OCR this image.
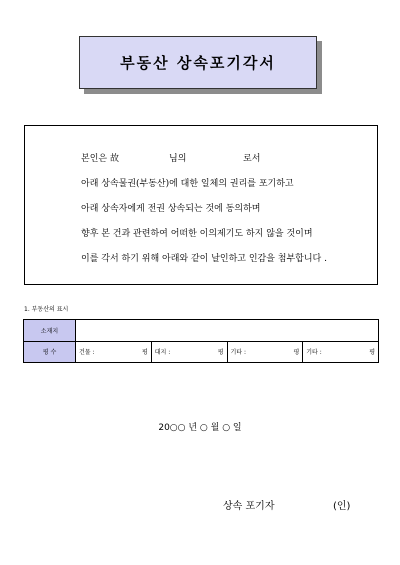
부동산 상속포기각서
본인은 故	님의	로서
아래 상속물권(부동산)에 대한 일체의 권리를 포기하고
아래 상속자에게 전권 상속되는 것에 동의하며
향후 본 건과 관련하여 어떠한 이의제기도 하지 않을 것이며
이를 각서 하기 위해 아래와 같이 날인하고 인감을 첨부합니다 .
1. 부동산의 표시
소재지				
평 수	건물 : 평	대지 : 평	기타 : 평	기타 : 평
20○○ 년 ○ 월 ○ 일
상속 포기자	(인)
